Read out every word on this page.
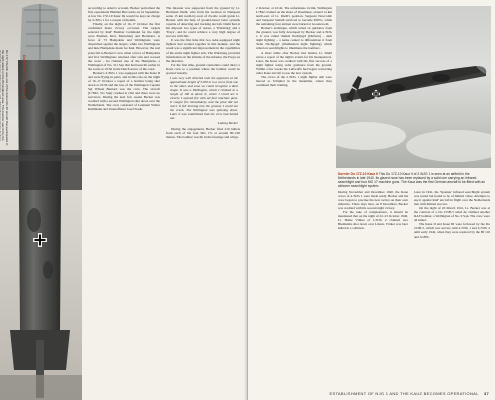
Dornier Do 17Z-2, 'F8+CE'
Do 17Z 'F8+CE' was one of the dozen KG 40 aircraft that participated in the night attack on the Birmingham area. This bomber was hit by fire

According to Aders's account, Becker performed the first operational Himmel Bett sortie on 16 September. A few Do 17Z-10 Kauz IIs would be kept on charge by 4./NJG 1 for a couple of months.

Finally, on the night of 16–17 October the first confirmed Kauz victory occurred. The targets selected by RAF Bomber Command for the night were Bremen, Kiel, Merseburg and Bordeaux. A force of 73 Hampdens and Wellingtons were dispatched against the targets, while two Wellingtons and nine Hampdens made for Kiel. However, the real prize fell to Becker's crew when a force of Hampdens and five Wellingtons returned after rain and crossed the coast – he claimed one of the Hampdens, a Wellington of No. 311 Sqn that had been hit earlier in the sortie at 19:56 in the Dutch sector of the coast.

Becker's 4./NJG 1 was equipped with the Kauz II and were flying in pairs, and in this role on the night of 16–17 October a report of a bomber being shot down at 19:56 and the loss of the Wellington Captain Sgt Wilson Bernard was the crew. The aircraft (L7842, 311 Sqn) crashed at Olst and there were no survivors. During the next few weeks Becker was credited with a second Wellington shot down over the Netherlands. The crew consisted of Leutnant Walter Kuhlmann and Unteroffizier Josef Staub.

The mission was supported from the ground by Lt. Hermann Diehl, who from his location in Nunspeet some 15 km north-by-west of Zwolle could guide Lt. Becker with the help of ground-based radar systems capable of detecting and tracking aircraft. Diehl had at his disposal two types of radars, a 'Würzburg' and a 'Freya', and he could achieve a very high degree of success with this.

It was the first time that two radar-equipped night fighters had worked together in this manner, and the result was a significant improvement in the capabilities of the entire night fighter arm. The Würzburg provided information on the altitude of the intruder, the Freya on the direction.

For the first time, ground controllers could direct a Kauz crew to a position where the bomber could be spotted visually.

I was very well directed onto the opponent at the approximate height of 3,300 m in a curve from one to the other, and soon we could recognise a dark shape. It was a Wellington, which I climbed to a height of 100 m above it, where I could see it clearly. I opened fire with all four machine guns. It caught fire immediately, and the pilot did not react. It fell burning into the ground, I could see the crash. The Wellington was spinning down. Later it was established that the crew had bailed out.

Ludwig Becker

During the engagement, Becker fired 210 bullets from each of his four MG 17s at around 80–100 metres. The bomber was hit in the fuselage and wings.

2 October, at 22:42. The unfortunate victim, Wellington L7842 crashed on the shore of IJsselmeer, around 14 km north-east of Lt. Diehl's position. Sergeant Newcomb and Sergeant Stainth survived to become POWs, while the remaining four airmen were buried at Groenewold.

Becker's technique, which relied on guidance from the ground, was fully developed by Becker and 4./NJG 1. It was called 'dunkle Nachtjagd' (DuNaJa) – dark night fighting – a name coined to differentiate it from 'helle Nachtjagd' (illuminated night fighting) which relied on searchlights to illuminate the bombers.

A short while after Becker had landed, Lt. Diehl wrote a report of the night's events for his headquarters. Later, the Kauz was credited with the first success of a night fighter using radar guidance from the ground. Within a few weeks the Luftwaffe had begun converting other Kauz aircraft to use the new system.

The crews of the 2./NJG 1 night fighter unit were moved to Schiphol in the meantime, where they continued their training.

Dornier Do 17Z-10 Kauz II This Do 17Z-10 Kauz II of 2./NJG 1 is seen at an airfield in the Netherlands in late 1940. Its glazed nose has been replaced by a solid one carrying an infrared searchlight and four MG 17 machine guns. The Kauz was the first German aircraft to be fitted with an airborne searchlight system.

During November and December 1940, the Kauz crews of 4./NJG 1 were made ready. Becker and his crew began to practise the new tactics on their own initiative. Three days later, on 8 December, Becker was credited with his second night victory.

For the sake of completeness, it should be mentioned that on the night of 22–23 October 1940, Lt. Heinz Völker of I./NJG 2 claimed two Blenheims shot down over Linton. Völker was later killed in a collision.

Later in 1941, the 'Spanner' infrared searchlight system was tested but found to be of limited value. Attempts to use it against RAF aircraft in flight over the Netherlands met with limited success.

On the night of 26 March 1941, Lt. Becker was at the controls of a Do 215B-5 when he claimed another RAF bomber, a Wellington of No. 9 Sqn. The crew were all killed.

The Kauz II and Kauz III were followed by the Do 215B-5, which saw service with 4./NJG 1 and 2./NJG 2 until early 1942, when they were replaced by the Bf 110 and Ju 88C.

ESTABLISHMENT OF NJG 1 AND THE KAUZ BECOMES OPERATIONAL 37
